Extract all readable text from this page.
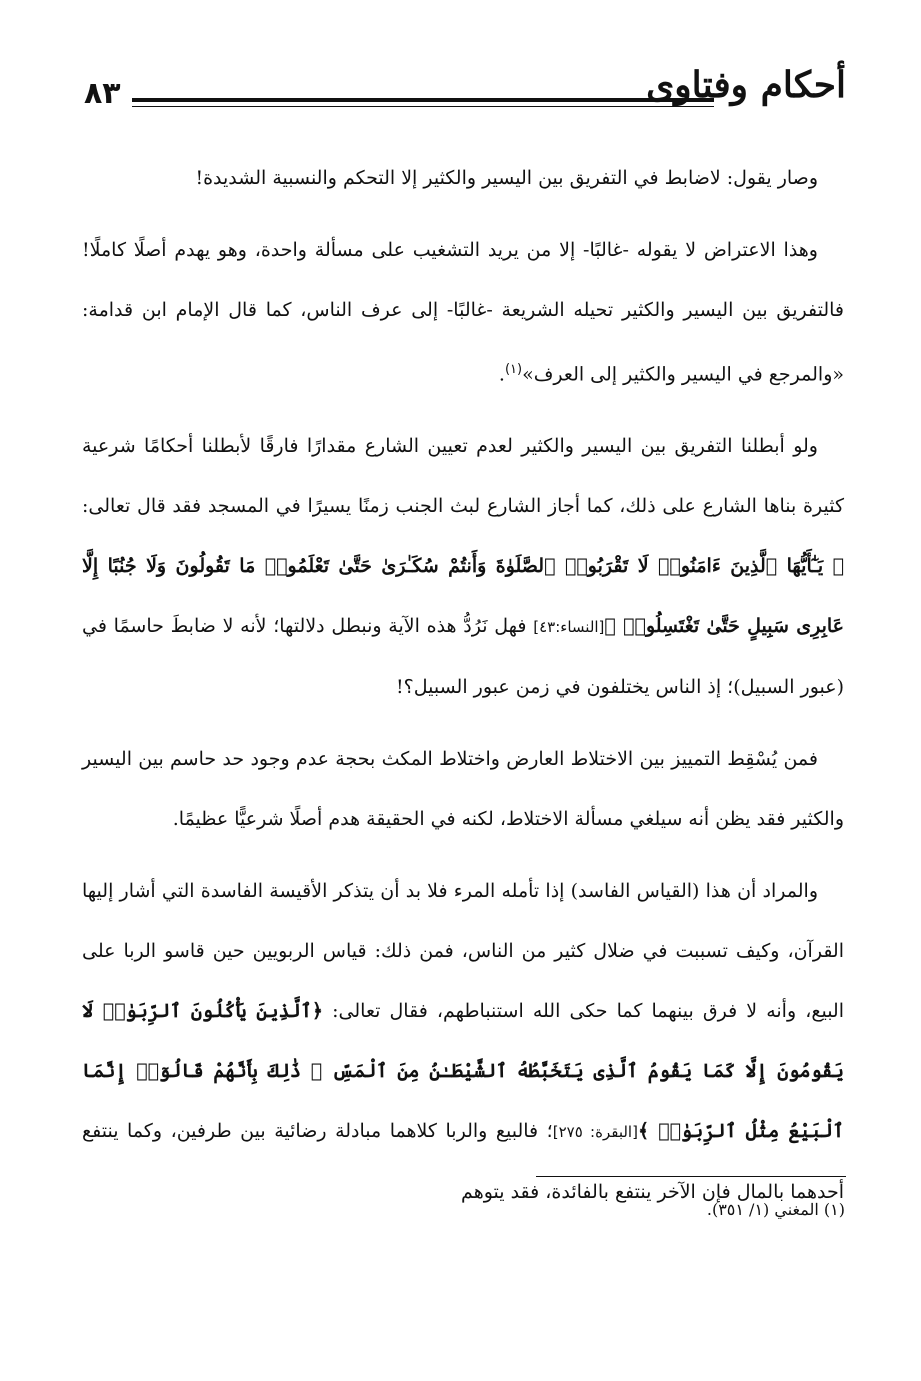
أحكام وفتاوى
٨٣

وصار يقول: لاضابط في التفريق بين اليسير والكثير إلا التحكم والنسبية الشديدة!

وهذا الاعتراض لا يقوله -غالبًا- إلا من يريد التشغيب على مسألة واحدة، وهو يهدم أصلًا كاملًا! فالتفريق بين اليسير والكثير تحيله الشريعة -غالبًا- إلى عرف الناس، كما قال الإمام ابن قدامة: «والمرجع في اليسير والكثير إلى العرف»$^{(١)}$.

ولو أبطلنا التفريق بين اليسير والكثير لعدم تعيين الشارع مقدارًا فارقًا لأبطلنا أحكامًا شرعية كثيرة بناها الشارع على ذلك، كما أجاز الشارع لبث الجنب زمنًا يسيرًا في المسجد فقد قال تعالى: ﴿ يَـٰٓأَيُّهَا ٱلَّذِينَ ءَامَنُوا۟ لَا تَقْرَبُوا۟ ٱلصَّلَوٰةَ وَأَنتُمْ سُكَـٰرَىٰ حَتَّىٰ تَعْلَمُوا۟ مَا تَقُولُونَ وَلَا جُنُبًا إِلَّا عَابِرِى سَبِيلٍ حَتَّىٰ تَغْتَسِلُوا۟ ﴾[النساء:٤٣] فهل نَرُدُّ هذه الآية ونبطل دلالتها؛ لأنه لا ضابطَ حاسمًا في (عبور السبيل)؛ إذ الناس يختلفون في زمن عبور السبيل؟!

فمن يُسْقِط التمييز بين الاختلاط العارض واختلاط المكث بحجة عدم وجود حد حاسم بين اليسير والكثير فقد يظن أنه سيلغي مسألة الاختلاط، لكنه في الحقيقة هدم أصلًا شرعيًّا عظيمًا.

والمراد أن هذا (القياس الفاسد) إذا تأمله المرء فلا بد أن يتذكر الأقيسة الفاسدة التي أشار إليها القرآن، وكيف تسببت في ضلال كثير من الناس، فمن ذلك: قياس الربويين حين قاسو الربا على البيع، وأنه لا فرق بينهما كما حكى الله استنباطهم، فقال تعالى: ﴿ٱلَّذِينَ يَأْكُلُونَ ٱلرِّبَوٰا۟ لَا يَقُومُونَ إِلَّا كَمَا يَقُومُ ٱلَّذِى يَتَخَبَّطُهُ ٱلشَّيْطَـٰنُ مِنَ ٱلْمَسِّ ۚ ذَٰلِكَ بِأَنَّهُمْ قَالُوٓا۟ إِنَّمَا ٱلْبَيْعُ مِثْلُ ٱلرِّبَوٰا۟ ﴾[البقرة: ٢٧٥]؛ فالبيع والربا كلاهما مبادلة رضائية بين طرفين، وكما ينتفع أحدهما بالمال فإن الآخر ينتفع بالفائدة، فقد يتوهم

(١) المغني (١/ ٣٥١).
